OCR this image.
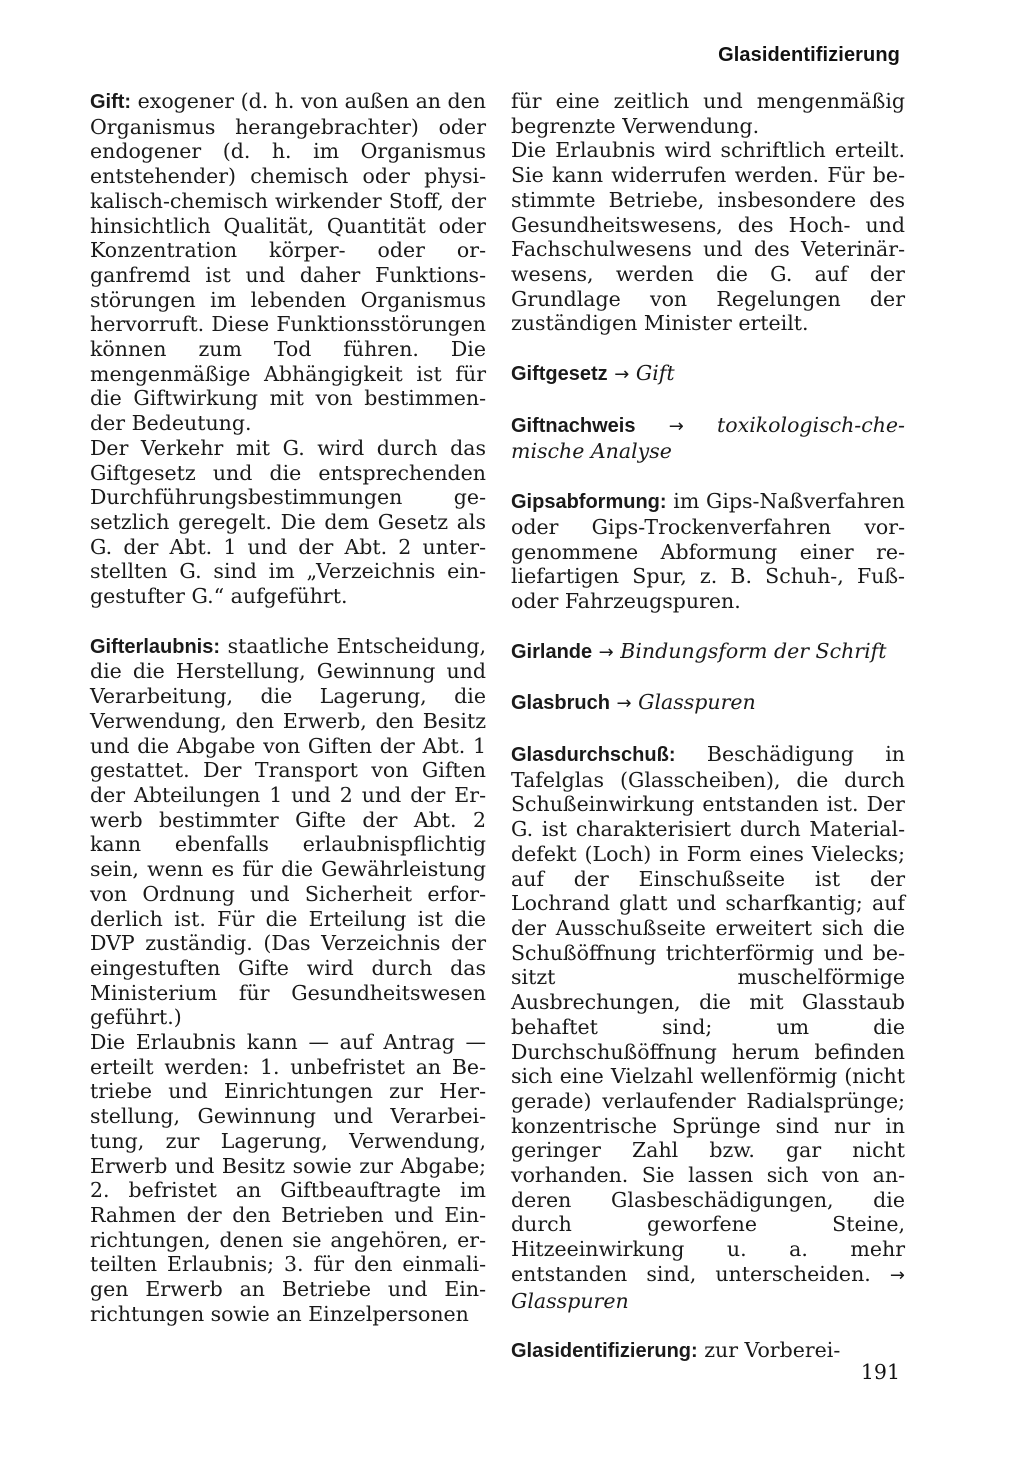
Glasidentifizierung

Gift: exogener (d. h. von außen an den Organismus herangebrachter) oder endogener (d. h. im Organismus entstehender) chemisch oder physikalisch-chemisch wirkender Stoff, der hinsichtlich Qualität, Quantität oder Konzentration körper- oder organfremd ist und daher Funktionsstörungen im lebenden Organismus hervorruft. Diese Funktionsstörungen können zum Tod führen. Die mengenmäßige Abhängigkeit ist für die Giftwirkung mit von bestimmender Bedeutung.

Der Verkehr mit G. wird durch das Giftgesetz und die entsprechenden Durchführungsbestimmungen gesetzlich geregelt. Die dem Gesetz als G. der Abt. 1 und der Abt. 2 unterstellten G. sind im „Verzeichnis eingestufter G.“ aufgeführt.

Gifterlaubnis: staatliche Entscheidung, die die Herstellung, Gewinnung und Verarbeitung, die Lagerung, die Verwendung, den Erwerb, den Besitz und die Abgabe von Giften der Abt. 1 gestattet. Der Transport von Giften der Abteilungen 1 und 2 und der Erwerb bestimmter Gifte der Abt. 2 kann ebenfalls erlaubnispflichtig sein, wenn es für die Gewährleistung von Ordnung und Sicherheit erforderlich ist. Für die Erteilung ist die DVP zuständig. (Das Verzeichnis der eingestuften Gifte wird durch das Ministerium für Gesundheitswesen geführt.)

Die Erlaubnis kann — auf Antrag — erteilt werden: 1. unbefristet an Betriebe und Einrichtungen zur Herstellung, Gewinnung und Verarbeitung, zur Lagerung, Verwendung, Erwerb und Besitz sowie zur Abgabe; 2. befristet an Giftbeauftragte im Rahmen der den Betrieben und Einrichtungen, denen sie angehören, erteilten Erlaubnis; 3. für den einmaligen Erwerb an Betriebe und Einrichtungen sowie an Einzelpersonen

für eine zeitlich und mengenmäßig begrenzte Verwendung.

Die Erlaubnis wird schriftlich erteilt. Sie kann widerrufen werden. Für bestimmte Betriebe, insbesondere des Gesundheitswesens, des Hoch- und Fachschulwesens und des Veterinärwesens, werden die G. auf der Grundlage von Regelungen der zuständigen Minister erteilt.

Giftgesetz → Gift

Giftnachweis → toxikologisch-chemische Analyse

Gipsabformung: im Gips-Naßverfahren oder Gips-Trockenverfahren vorgenommene Abformung einer reliefartigen Spur, z. B. Schuh-, Fuß- oder Fahrzeugspuren.

Girlande → Bindungsform der Schrift

Glasbruch → Glasspuren

Glasdurchschuß: Beschädigung in Tafelglas (Glasscheiben), die durch Schußeinwirkung entstanden ist. Der G. ist charakterisiert durch Materialdefekt (Loch) in Form eines Vielecks; auf der Einschußseite ist der Lochrand glatt und scharfkantig; auf der Ausschußseite erweitert sich die Schußöffnung trichterförmig und besitzt muschelförmige Ausbrechungen, die mit Glasstaub behaftet sind; um die Durchschußöffnung herum befinden sich eine Vielzahl wellenförmig (nicht gerade) verlaufender Radialsprünge; konzentrische Sprünge sind nur in geringer Zahl bzw. gar nicht vorhanden. Sie lassen sich von anderen Glasbeschädigungen, die durch geworfene Steine, Hitzeeinwirkung u. a. mehr entstanden sind, unterscheiden. → Glasspuren

Glasidentifizierung: zur Vorberei-

191
